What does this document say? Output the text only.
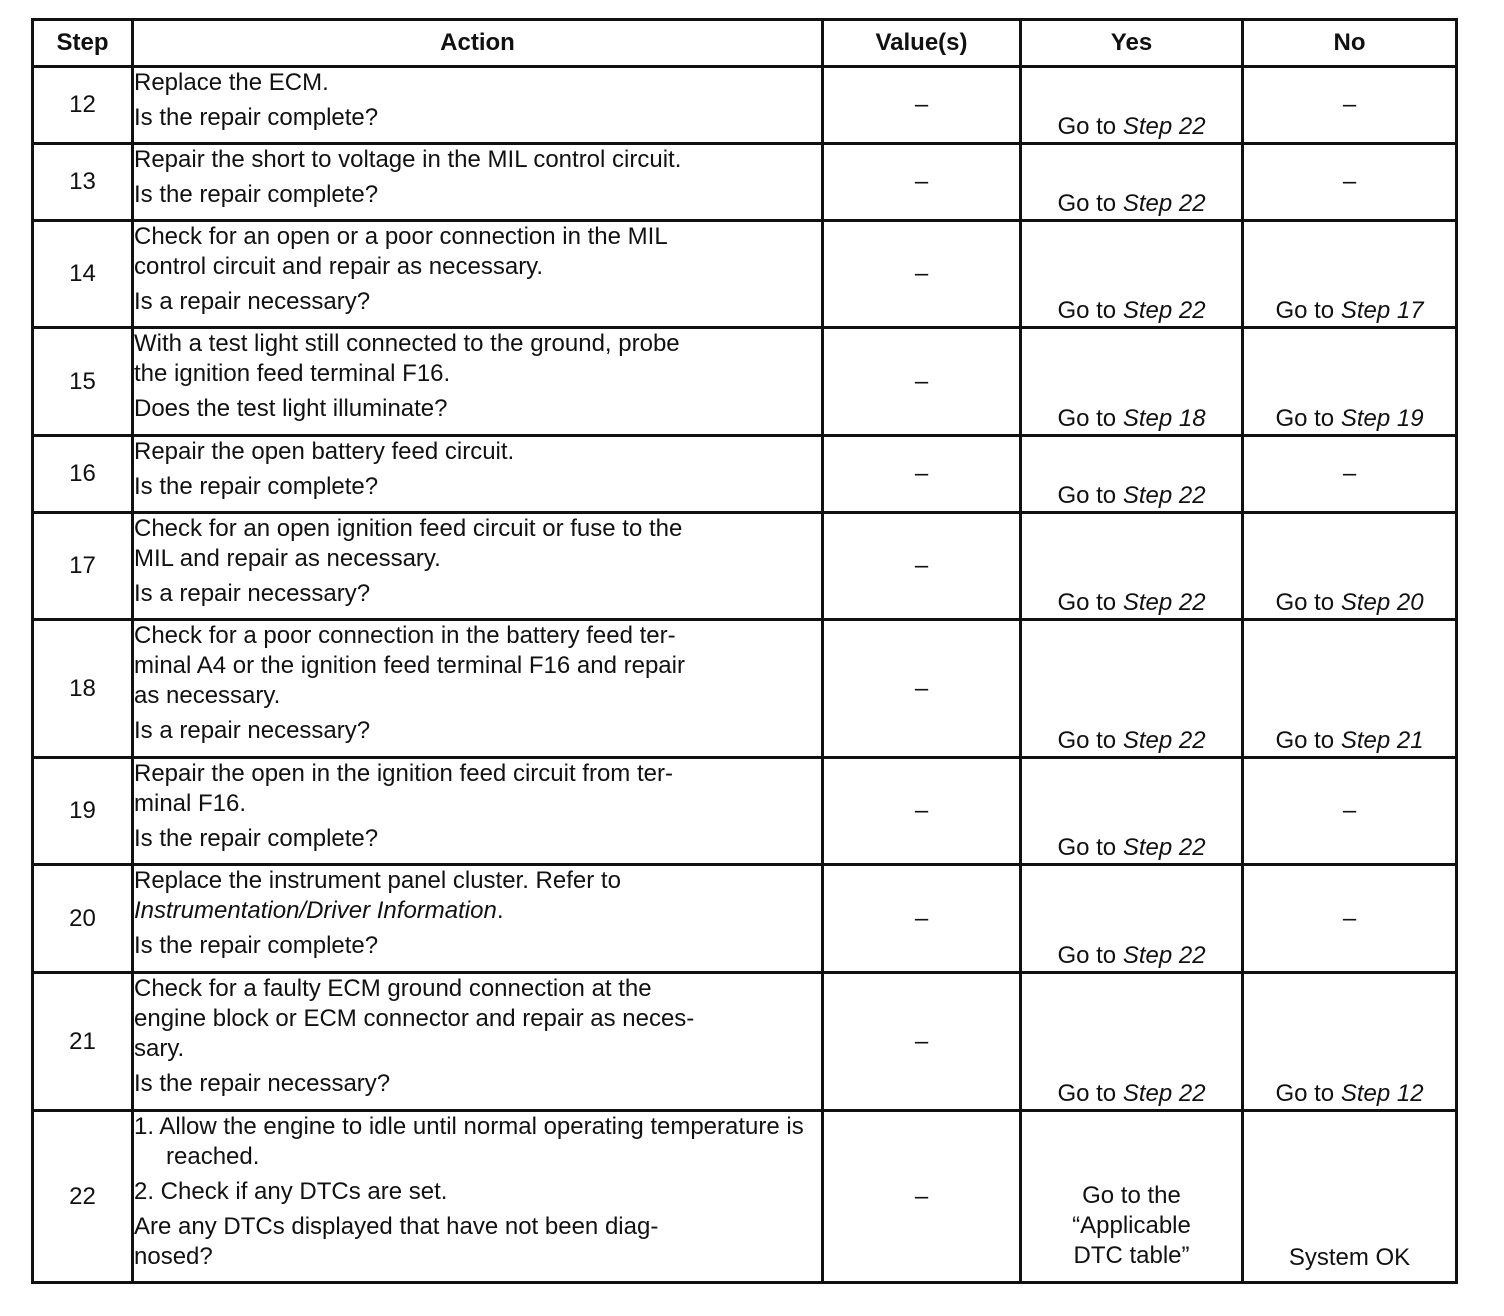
Step	Action	Value(s)	Yes	No
12	Replace the ECM.
Is the repair complete?	–	Go to Step 22	–
13	Repair the short to voltage in the MIL control circuit.
Is the repair complete?	–	Go to Step 22	–
14	Check for an open or a poor connection in the MIL
control circuit and repair as necessary.
Is a repair necessary?	–	Go to Step 22	Go to Step 17
15	With a test light still connected to the ground, probe
the ignition feed terminal F16.
Does the test light illuminate?	–	Go to Step 18	Go to Step 19
16	Repair the open battery feed circuit.
Is the repair complete?	–	Go to Step 22	–
17	Check for an open ignition feed circuit or fuse to the
MIL and repair as necessary.
Is a repair necessary?	–	Go to Step 22	Go to Step 20
18	Check for a poor connection in the battery feed ter-
minal A4 or the ignition feed terminal F16 and repair
as necessary.
Is a repair necessary?	–	Go to Step 22	Go to Step 21
19	Repair the open in the ignition feed circuit from ter-
minal F16.
Is the repair complete?	–	Go to Step 22	–
20	Replace the instrument panel cluster. Refer to
Instrumentation/Driver Information.
Is the repair complete?	–	Go to Step 22	–
21	Check for a faulty ECM ground connection at the
engine block or ECM connector and repair as neces-
sary.
Is the repair necessary?	–	Go to Step 22	Go to Step 12
22	1. Allow the engine to idle until normal operating temperature is reached.
2. Check if any DTCs are set.
Are any DTCs displayed that have not been diag-
nosed?	–	Go to the
“Applicable
DTC table”	System OK
